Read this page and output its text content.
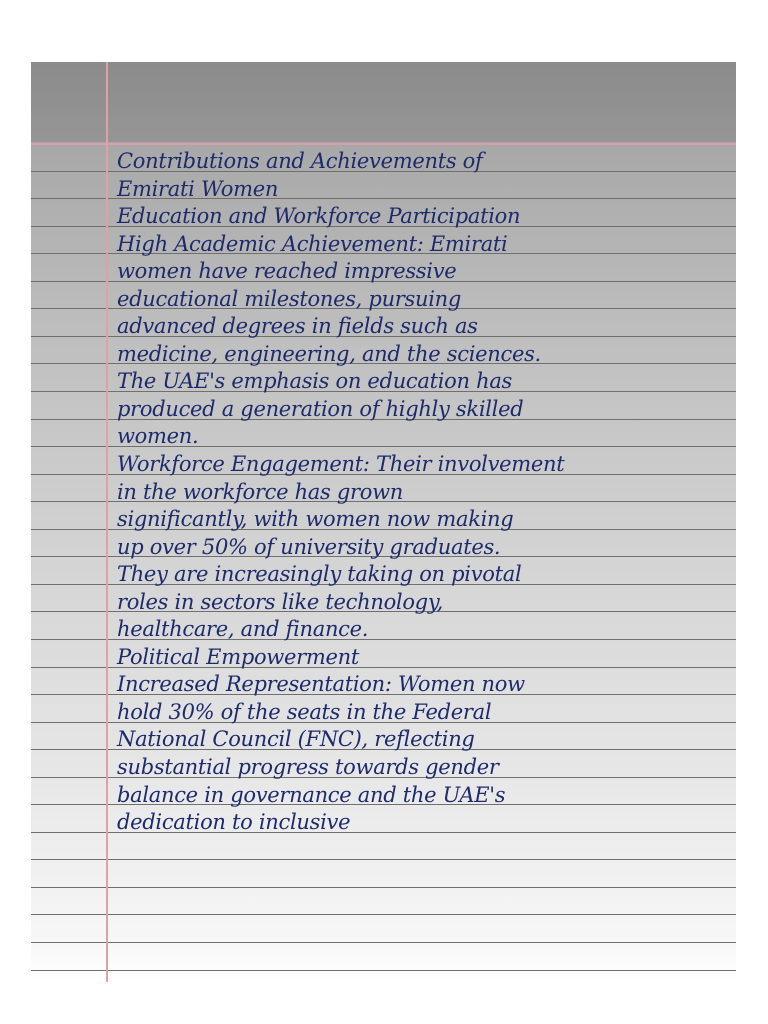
Contributions and Achievements of
Emirati Women
Education and Workforce Participation
High Academic Achievement: Emirati
women have reached impressive
educational milestones, pursuing
advanced degrees in fields such as
medicine, engineering, and the sciences.
The UAE's emphasis on education has
produced a generation of highly skilled
women.
Workforce Engagement: Their involvement
in the workforce has grown
significantly, with women now making
up over 50% of university graduates.
They are increasingly taking on pivotal
roles in sectors like technology,
healthcare, and finance.
Political Empowerment
Increased Representation: Women now
hold 30% of the seats in the Federal
National Council (FNC), reflecting
substantial progress towards gender
balance in governance and the UAE's
dedication to inclusive
